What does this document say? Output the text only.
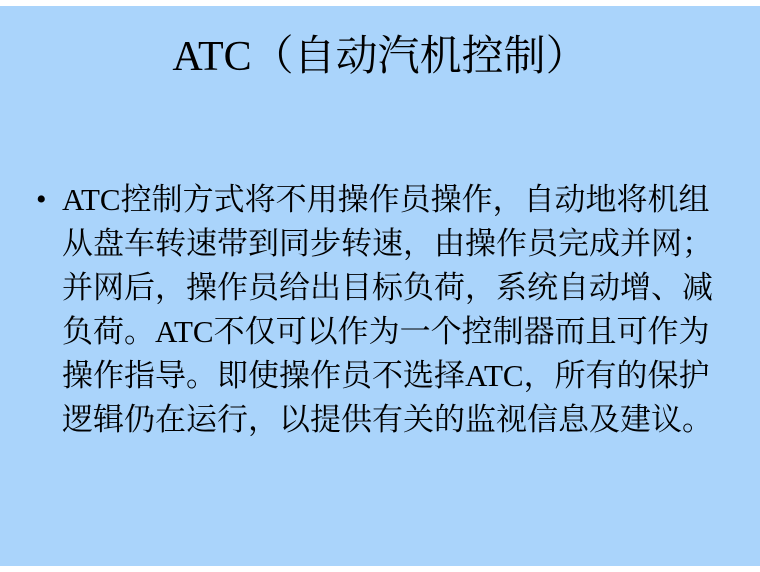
ATC（自动汽机控制）
• ATC控制方式将不用操作员操作，自动地将机组从盘车转速带到同步转速，由操作员完成并网；并网后，操作员给出目标负荷，系统自动增、减负荷。ATC不仅可以作为一个控制器而且可作为操作指导。即使操作员不选择ATC，所有的保护逻辑仍在运行，以提供有关的监视信息及建议。
